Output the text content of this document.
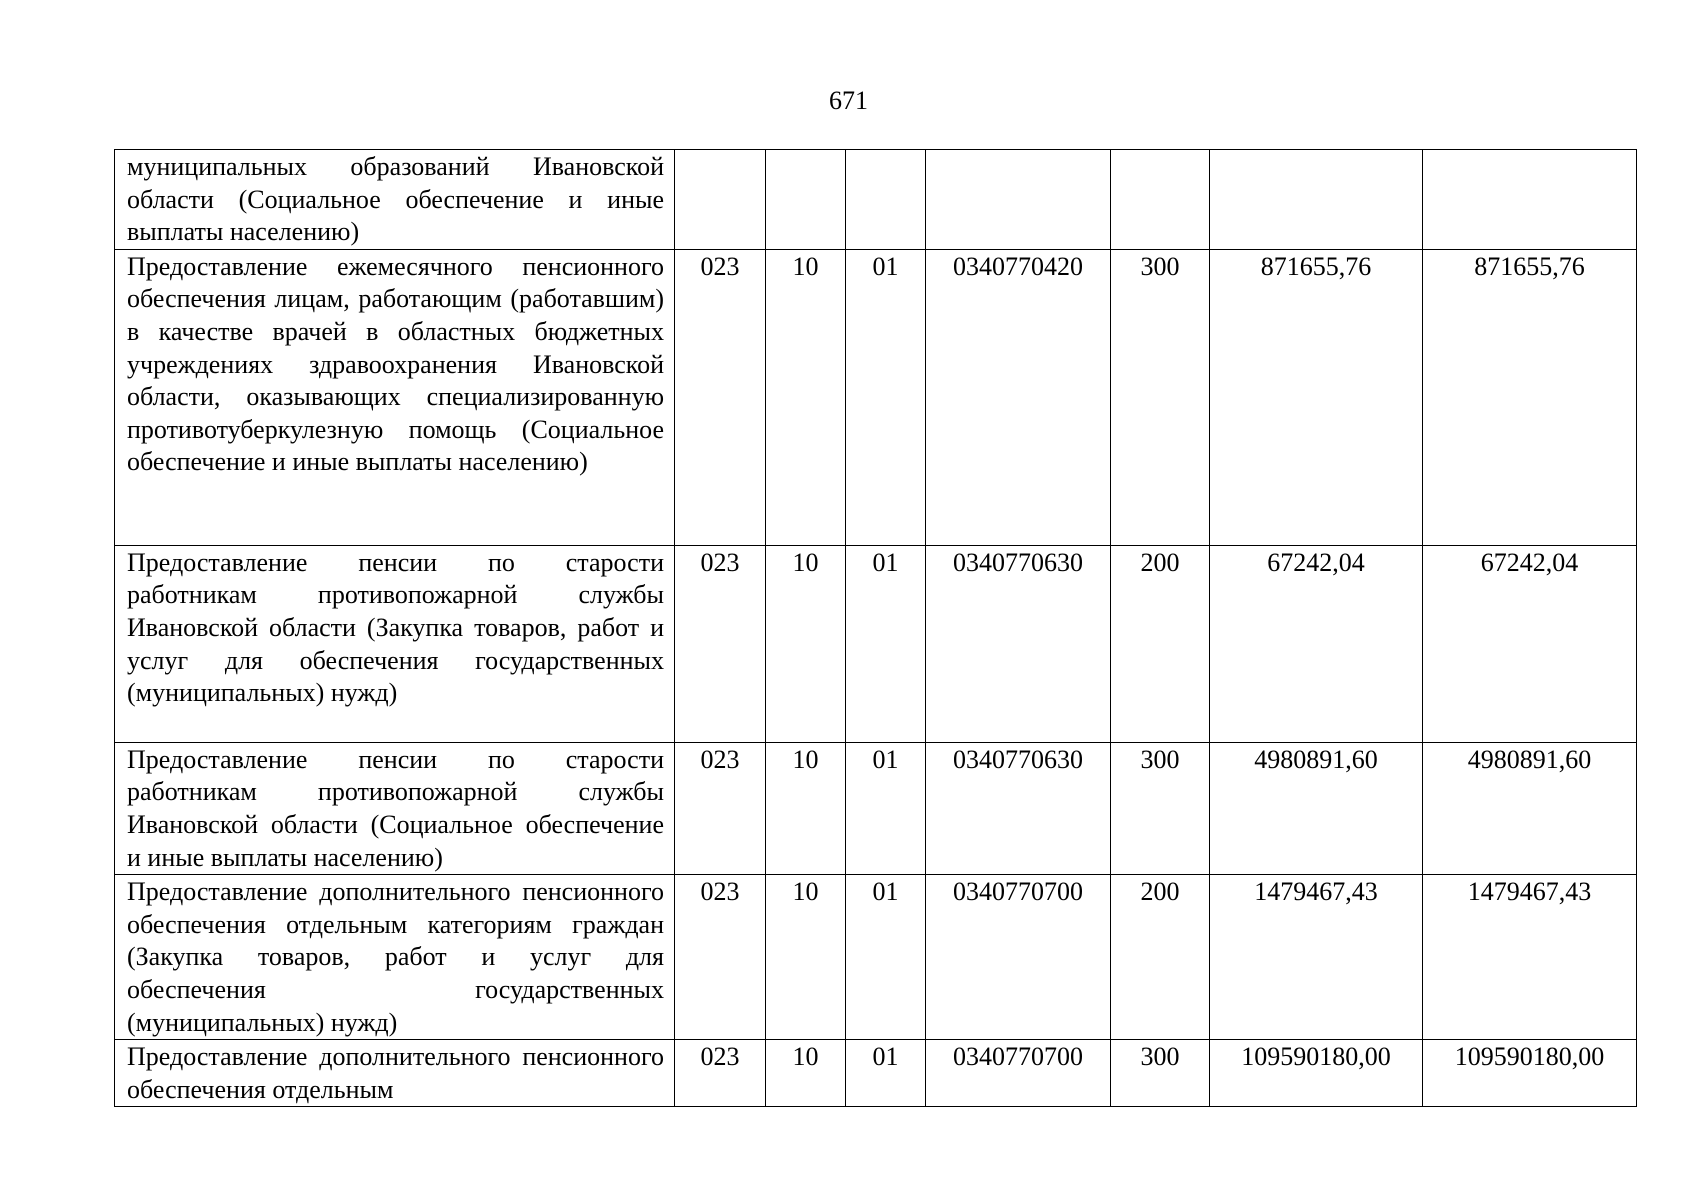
671
муниципальных образований Ивановской области (Социальное обеспечение и иные выплаты населению)							
Предоставление ежемесячного пенсионного обеспечения лицам, работающим (работавшим) в качестве врачей в областных бюджетных учреждениях здравоохранения Ивановской области, оказывающих специализированную противотуберкулезную помощь (Социальное обеспечение и иные выплаты населению)	023	10	01	0340770420	300	871655,76	871655,76
Предоставление пенсии по старости работникам противопожарной службы Ивановской области (Закупка товаров, работ и услуг для обеспечения государственных (муниципальных) нужд)	023	10	01	0340770630	200	67242,04	67242,04
Предоставление пенсии по старости работникам противопожарной службы Ивановской области (Социальное обеспечение и иные выплаты населению)	023	10	01	0340770630	300	4980891,60	4980891,60
Предоставление дополнительного пенсионного обеспечения отдельным категориям граждан (Закупка товаров, работ и услуг для обеспечения государственных (муниципальных) нужд)	023	10	01	0340770700	200	1479467,43	1479467,43
Предоставление дополнительного пенсионного обеспечения отдельным	023	10	01	0340770700	300	109590180,00	109590180,00
